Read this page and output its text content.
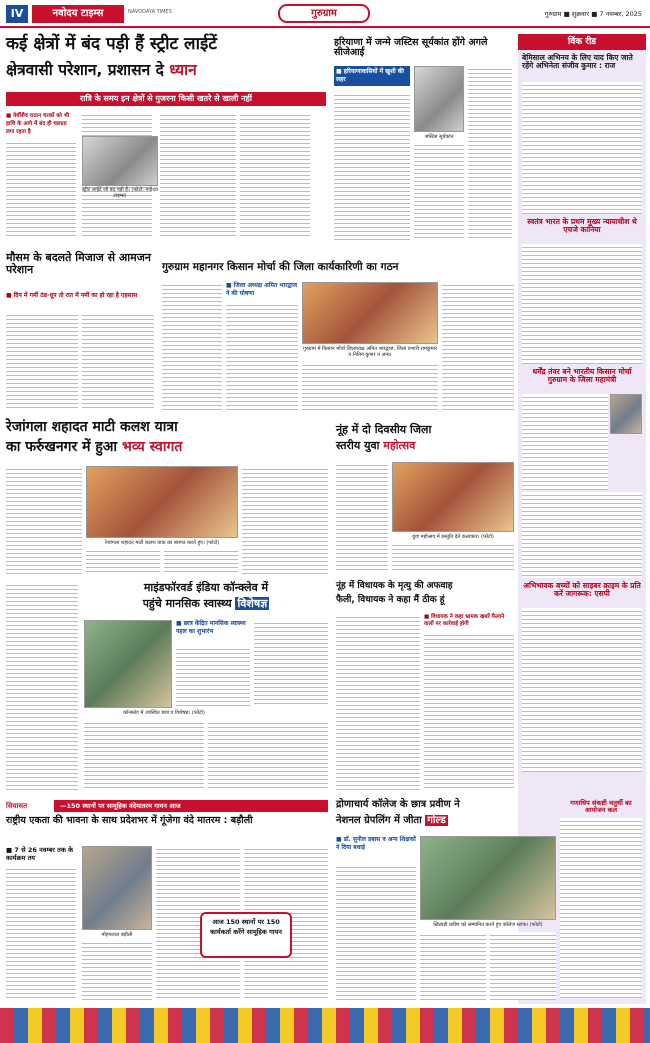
IV	नवोदय टाइम्स	NAVODAYA TIMES	गुरुग्राम	गुरुग्राम ■ शुक्रवार ■ 7 नवम्बर, 2025
कई क्षेत्रों में बंद पड़ी हैं स्ट्रीट लाईटें
क्षेत्रवासी परेशान, प्रशासन दे ध्यान
रात्रि के समय इन क्षेत्रों से गुजरना किसी खतरे से खाली नहीं
■ वेर्धीशैव राठान चरकों को भी हाथि के आगे में बंद ही चलाता लगा रहता है
स्ट्रीट लाईटें जो बंद पड़ी हैं। (फोटो: नवोदय टाइम्स)
हरियाणा में जन्मे जस्टिस सूर्यकांत होंगे अगले सीजेआई
■ हरियाणावासियों में खुशी की लहर
जस्टिस सूर्यकांत
विंक रीड
बेमिसाल अभिनय के लिए याद किए जाते रहेंगे अभिनेता संजीव कुमार : राज
स्वतंत्र भारत के प्रथम मुख्य न्यायाधीश थे एचजे कानिया
धर्मेंद्र तंवर बने भारतीय किसान मोर्चा गुरुग्राम के जिला महामंत्री
अभिभावक बच्चों को साइबर क्राइम के प्रति करें जागरूक: एसपी
गणाधिप संकष्टी चतुर्थी का आयोजन कल
मौसम के बदलते मिजाज से आमजन परेशान
■ दिन में गर्मी ठंड-धूप तो रात में नमीं का हो रहा है एहसास
गुरुग्राम महानगर किसान मोर्चा की जिला कार्यकारिणी का गठन
■ जिला अध्यक्ष अमित भारद्वाज ने की घोषणा
गुरुग्राम में किसान मोर्चा जिलाध्यक्ष अमित भारद्वाज, जिला प्रभारी रामकुमार व नितिन कुमार व अन्य।
रेजांगला शहादत माटी कलश यात्रा
का फर्रुखनगर में हुआ भव्य स्वागत
रेजांगला शहादत माटी कलश यात्रा का स्वागत करते हुए। (फोटो)
नूंह में दो दिवसीय जिला
स्तरीय युवा महोत्सव
युवा महोत्सव में प्रस्तुति देते कलाकार। (फोटो)
माइंडफॉरवर्ड इंडिया कॉन्क्लेव में
पहुंचे मानसिक स्वास्थ्य विशेषज्ञ
■ छात्र केंद्रित मानसिक स्वास्थ्य पहल का शुभारंभ
कॉन्क्लेव में उपस्थित छात्र व विशेषज्ञ। (फोटो)
नूंह में विधायक के मृत्यु की अफवाह
फैली, विधायक ने कहा मैं ठीक हूं
■ विधायक ने कहा भ्रामक खबरें फैलाने वालों पर कार्रवाई होगी
सियासत	—150 स्थानों पर सामूहिक वंदेमातरम गायन आज
राष्ट्रीय एकता की भावना के साथ प्रदेशभर में गूंजेगा वंदे मातरम : बड़ौली
■ 7 से 26 नवम्बर तक के कार्यक्रम तय
मोहनलाल बड़ौली
आज 150 स्थानों पर 150 कार्यकर्ता करेंगे सामूहिक गायन
द्रोणाचार्य कॉलेज के छात्र प्रवीण ने
नेशनल ग्रेपलिंग में जीता गोल्ड
■ डॉ. सुनील डबास व अन्य शिक्षकों ने दिया बधाई
खिलाड़ी प्रवीण को सम्मानित करते हुए कॉलेज स्टाफ। (फोटो)
